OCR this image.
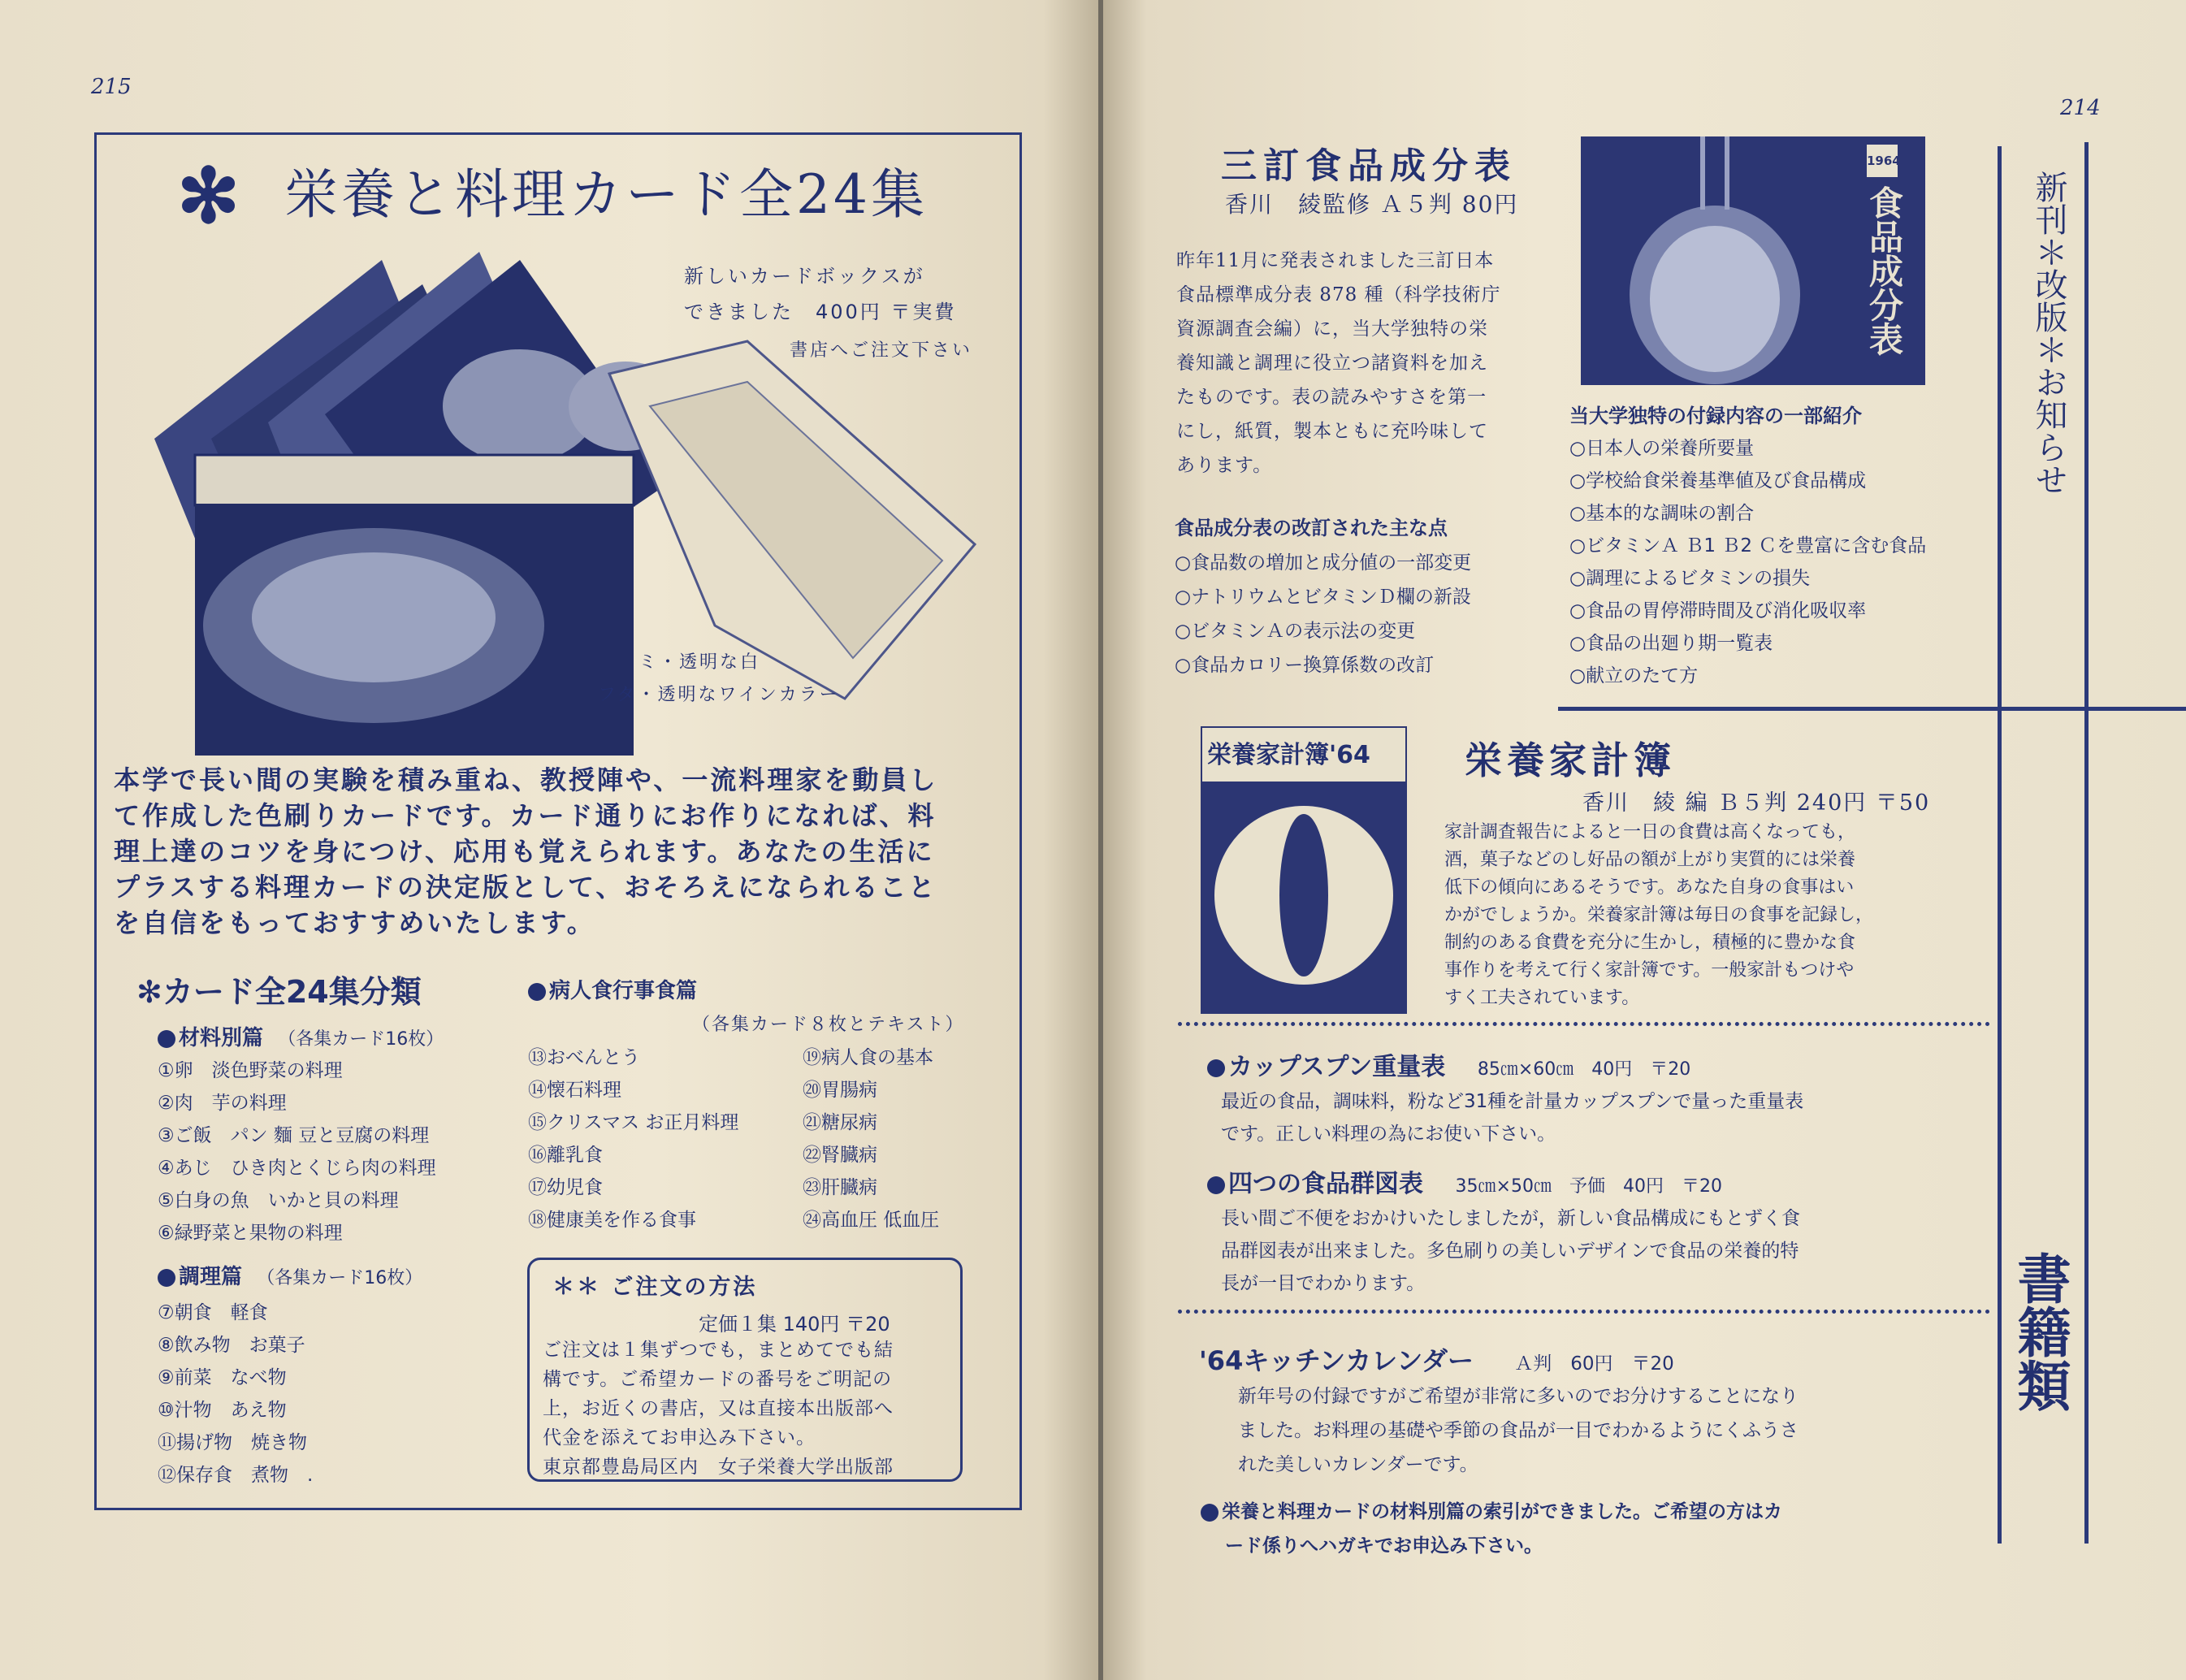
215
✻ 栄養と料理カード全24集
新しいカードボックスが
できました　400円 〒実費
書店へご注文下さい
ミ・透明な白
フタ・透明なワインカラー
本学で長い間の実験を積み重ね、教授陣や、一流料理家を動員し
て作成した色刷りカードです。カード通りにお作りになれば、料
理上達のコツを身につけ、応用も覚えられます。あなたの生活に
プラスする料理カードの決定版として、おそろえになられること
を自信をもっておすすめいたします。
✻カード全24集分類
材料別篇 （各集カード16枚）
①卵　淡色野菜の料理
②肉　芋の料理
③ご飯　パン 麵 豆と豆腐の料理
④あじ　ひき肉とくじら肉の料理
⑤白身の魚　いかと貝の料理
⑥緑野菜と果物の料理
調理篇 （各集カード16枚）
⑦朝食　軽食
⑧飲み物　お菓子
⑨前菜　なべ物
⑩汁物　あえ物
⑪揚げ物　焼き物
⑫保存食　煮物　.
病人食行事食篇
（各集カード８枚とテキスト）
⑬おべんとう
⑭懐石料理
⑮クリスマス お正月料理
⑯離乳食
⑰幼児食
⑱健康美を作る食事
⑲病人食の基本
⑳胃腸病
㉑糖尿病
㉒腎臓病
㉓肝臓病
㉔高血圧 低血圧
＊＊ ご注文の方法
定価１集 140円 〒20
ご注文は１集ずつでも，まとめてでも結
構です。ご希望カードの番号をご明記の
上，お近くの書店，又は直接本出版部へ
代金を添えてお申込み下さい。
東京都豊島局区内　女子栄養大学出版部
214
新刊＊改版＊お知らせ
書籍類
三訂食品成分表
香川　綾監修 Ａ５判 80円
昨年11月に発表されました三訂日本
食品標準成分表 878 種（科学技術庁
資源調査会編）に，当大学独特の栄
養知識と調理に役立つ諸資料を加え
たものです。表の読みやすさを第一
にし，紙質，製本ともに充吟味して
あります。
食品成分表の改訂された主な点
○食品数の増加と成分値の一部変更
○ナトリウムとビタミンＤ欄の新設
○ビタミンＡの表示法の変更
○食品カロリー換算係数の改訂
1964
食品成分表
当大学独特の付録内容の一部紹介
○日本人の栄養所要量
○学校給食栄養基準値及び食品構成
○基本的な調味の割合
○ビタミンＡ Ｂ1 Ｂ2 Ｃを豊富に含む食品
○調理によるビタミンの損失
○食品の胃停滞時間及び消化吸収率
○食品の出廻り期一覧表
○献立のたて方
栄養家計簿'64	栄養家計簿
香川　綾 編 Ｂ５判 240円 〒50
家計調査報告によると一日の食費は高くなっても，
酒，菓子などのし好品の額が上がり実質的には栄養
低下の傾向にあるそうです。あなた自身の食事はい
かがでしょうか。栄養家計簿は毎日の食事を記録し，
制約のある食費を充分に生かし，積極的に豊かな食
事作りを考えて行く家計簿です。一般家計もつけや
すく工夫されています。
カップスプン重量表 85㎝×60㎝　40円　〒20
最近の食品，調味料，粉など31種を計量カップスプンで量った重量表
です。正しい料理の為にお使い下さい。
四つの食品群図表 35㎝×50㎝　予価　40円　〒20
長い間ご不便をおかけいたしましたが，新しい食品構成にもとずく食
品群図表が出来ました。多色刷りの美しいデザインで食品の栄養的特
長が一目でわかります。
'64キッチンカレンダー Ａ判　60円　〒20
新年号の付録ですがご希望が非常に多いのでお分けすることになり
ました。お料理の基礎や季節の食品が一目でわかるようにくふうさ
れた美しいカレンダーです。
栄養と料理カードの材料別篇の索引ができました。ご希望の方はカ
ード係りへハガキでお申込み下さい。
